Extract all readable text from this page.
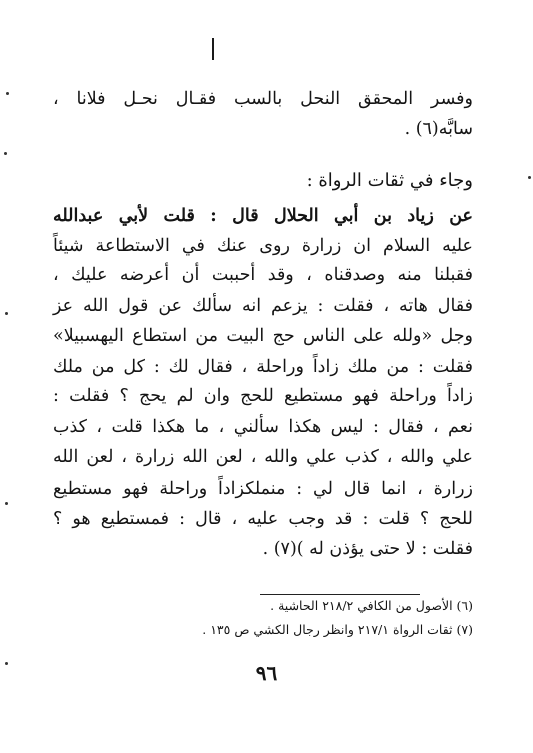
وفسر المحقق النحل بالسب فقـال نحـل فلانا ،
سابَّه(٦) .
وجاء في ثقات الرواة :
عن زياد بن أبي الحلال قال : قلت لأبي عبدالله
عليه السلام ان زرارة روى عنك في الاستطاعة شيئاً
فقبلنا منه وصدقناه ، وقد أحببت أن أعرضه عليك ،
فقال هاته ، فقلت : يزعم انه سألك عن قول الله عز
وجل «ولله على الناس حج البيت من استطاع اليهسبيلا»
فقلت : من ملك زاداً وراحلة ، فقال لك : كل من ملك
زاداً وراحلة فهو مستطيع للحج وان لم يحج ؟ فقلت :
نعم ، فقال : ليس هكذا سألني ، ما هكذا قلت ، كذب
علي والله ، كذب علي والله ، لعن الله زرارة ، لعن الله
زرارة ، انما قال لي : منملكزاداً وراحلة فهو مستطيع
للحج ؟ قلت : قد وجب عليه ، قال : فمستطيع هو ؟
فقلت : لا حتى يؤذن له )(٧) .
(٦) الأصول من الكافي ٢١٨/٢ الحاشية .
(٧) ثقات الرواة ٢١٧/١ وانظر رجال الكشي ص ١٣٥ .
٩٦
